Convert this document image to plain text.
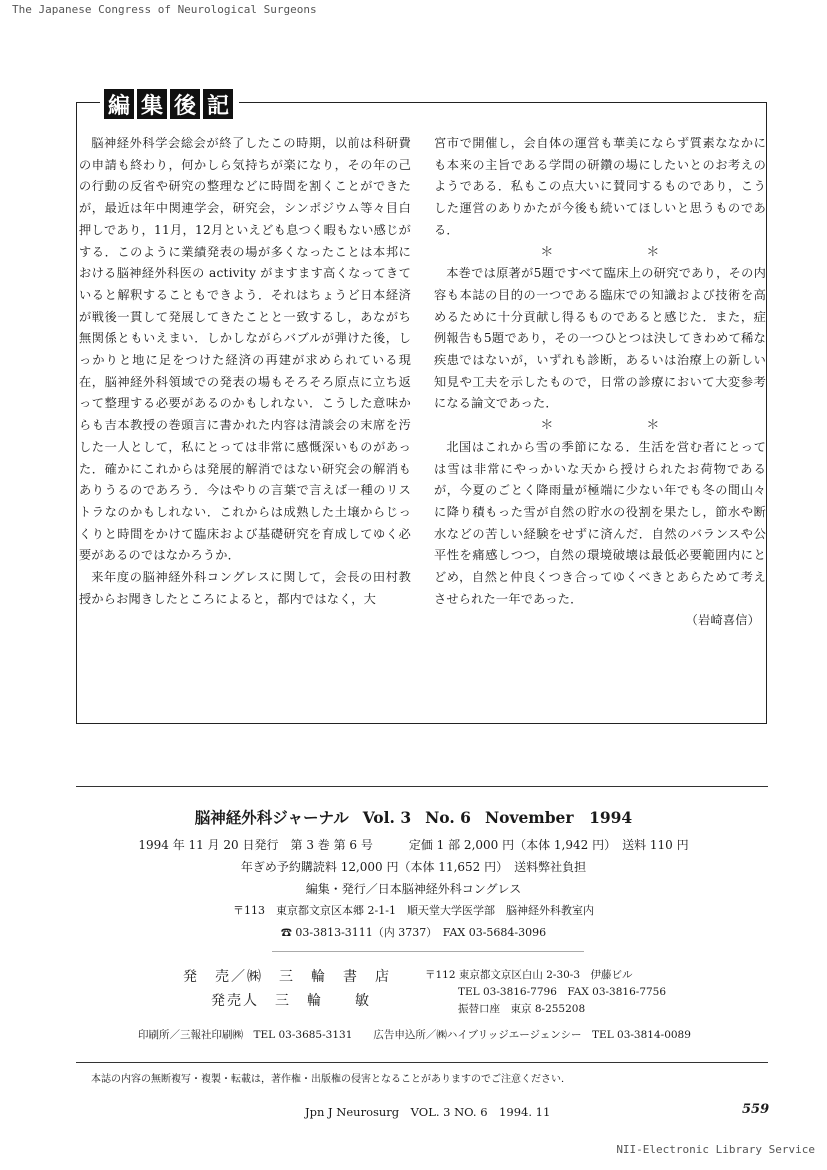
The Japanese Congress of Neurological Surgeons
編 集 後 記

脳神経外科学会総会が終了したこの時期，以前は科研費の申請も終わり，何かしら気持ちが楽になり，その年の己の行動の反省や研究の整理などに時間を割くことができたが，最近は年中関連学会，研究会，シンポジウム等々目白押しであり，11月，12月といえども息つく暇もない感じがする．このように業績発表の場が多くなったことは本邦における脳神経外科医の activity がますます高くなってきていると解釈することもできよう．それはちょうど日本経済が戦後一貫して発展してきたことと一致するし，あながち無関係ともいえまい．しかしながらバブルが弾けた後，しっかりと地に足をつけた経済の再建が求められている現在，脳神経外科領域での発表の場もそろそろ原点に立ち返って整理する必要があるのかもしれない．こうした意味からも吉本教授の巻頭言に書かれた内容は清談会の末席を汚した一人として，私にとっては非常に感慨深いものがあった．確かにこれからは発展的解消ではない研究会の解消もありうるのであろう．今はやりの言葉で言えば一種のリストラなのかもしれない．これからは成熟した土壌からじっくりと時間をかけて臨床および基礎研究を育成してゆく必要があるのではなかろうか．

来年度の脳神経外科コングレスに関して，会長の田村教授からお聞きしたところによると，都内ではなく，大

宮市で開催し，会自体の運営も華美にならず質素ななかにも本来の主旨である学問の研鑽の場にしたいとのお考えのようである．私もこの点大いに賛同するものであり，こうした運営のありかたが今後も続いてほしいと思うものである．

＊	＊

本巻では原著が5題ですべて臨床上の研究であり，その内容も本誌の目的の一つである臨床での知識および技術を高めるために十分貢献し得るものであると感じた．また，症例報告も5題であり，その一つひとつは決してきわめて稀な疾患ではないが，いずれも診断，あるいは治療上の新しい知見や工夫を示したもので，日常の診療において大変参考になる論文であった．

＊	＊

北国はこれから雪の季節になる．生活を営む者にとっては雪は非常にやっかいな天から授けられたお荷物であるが，今夏のごとく降雨量が極端に少ない年でも冬の間山々に降り積もった雪が自然の貯水の役割を果たし，節水や断水などの苦しい経験をせずに済んだ．自然のバランスや公平性を痛感しつつ，自然の環境破壊は最低必要範囲内にとどめ，自然と仲良くつき合ってゆくべきとあらためて考えさせられた一年であった．

（岩崎喜信）
脳神経外科ジャーナル Vol. 3 No. 6 November　1994
1994 年 11 月 20 日発行　第 3 巻 第 6 号　　　定価 1 部 2,000 円（本体 1,942 円）　送料 110 円
年ぎめ予約購読料 12,000 円（本体 11,652 円）　送料弊社負担
編集・発行／日本脳神経外科コングレス
〒113　東京都文京区本郷 2-1-1　順天堂大学医学部　脳神経外科教室内
☎ 03-3813-3111（内 3737）　FAX 03-5684-3096
発　売／㈱　三　輪　書　店
発売人　三　輪　　敏
〒112 東京都文京区白山 2-30-3　伊藤ビル
TEL 03-3816-7796　FAX 03-3816-7756
振替口座　東京 8-255208
印刷所／三報社印刷㈱　TEL 03-3685-3131　　広告申込所／㈱ハイブリッジエージェンシー　TEL 03-3814-0089
本誌の内容の無断複写・複製・転載は，著作権・出版権の侵害となることがありますのでご注意ください．
Jpn J Neurosurg　VOL. 3 NO. 6　1994. 11	559
NII-Electronic Library Service
